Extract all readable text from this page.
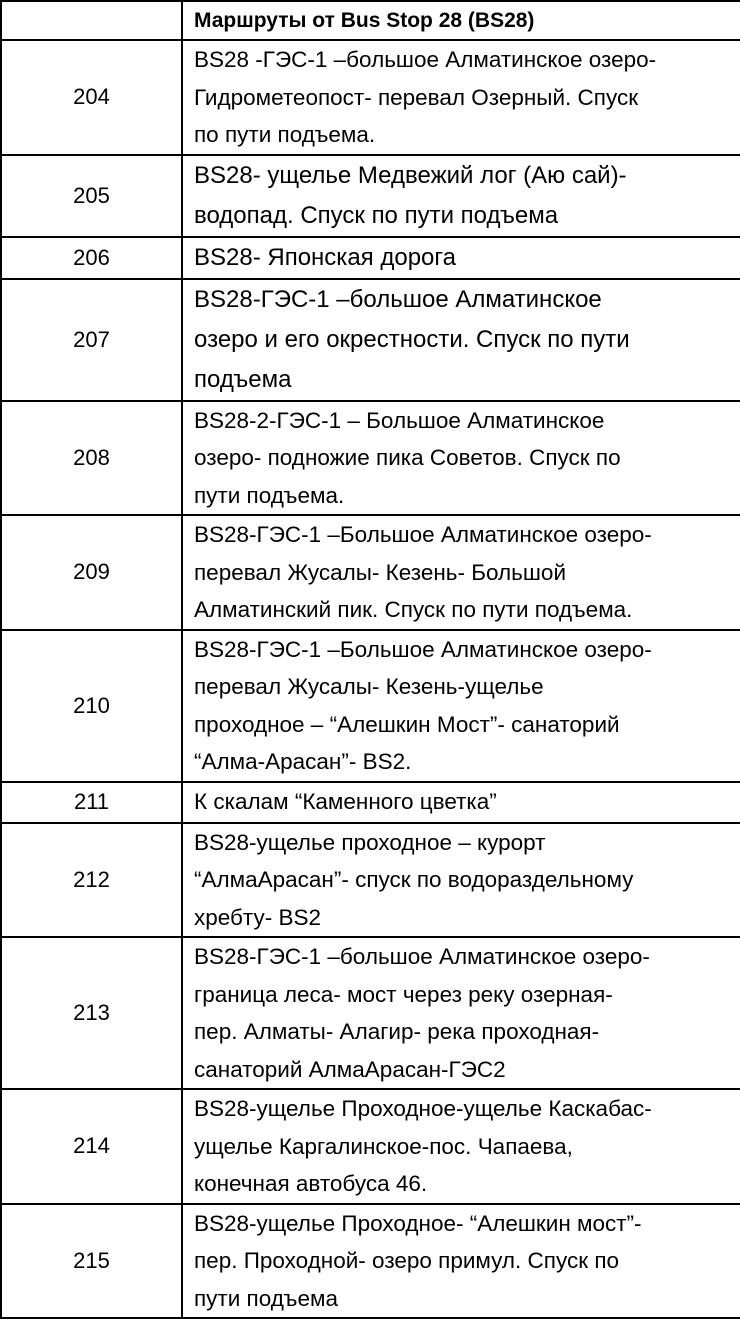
	Маршруты от Bus Stop 28 (BS28)
204	BS28 -ГЭС-1 –большое Алматинское озеро-
Гидрометеопост- перевал Озерный. Спуск
по пути подъема.

205	BS28- ущелье Медвежий лог (Аю сай)-
водопад. Спуск по пути подъема

206	BS28- Японская дорога

207	BS28-ГЭС-1 –большое Алматинское
озеро и его окрестности. Спуск по пути
подъема

208	BS28-2-ГЭС-1 – Большое Алматинское
озеро- подножие пика Советов. Спуск по
пути подъема.

209	BS28-ГЭС-1 –Большое Алматинское озеро-
перевал Жусалы- Кезень- Большой
Алматинский пик. Спуск по пути подъема.

210	BS28-ГЭС-1 –Большое Алматинское озеро-
перевал Жусалы- Кезень-ущелье
проходное – “Алешкин Мост”- санаторий
“Алма-Арасан”- BS2.

211	К скалам “Каменного цветка”

212	BS28-ущелье проходное – курорт
“АлмаАрасан”- спуск по водораздельному
хребту- BS2

213	BS28-ГЭС-1 –большое Алматинское озеро-
граница леса- мост через реку озерная-
пер. Алматы- Алагир- река проходная-
санаторий АлмаАрасан-ГЭС2

214	BS28-ущелье Проходное-ущелье Каскабас-
ущелье Каргалинское-пос. Чапаева,
конечная автобуса 46.

215	BS28-ущелье Проходное- “Алешкин мост”-
пер. Проходной- озеро примул. Спуск по
пути подъема
